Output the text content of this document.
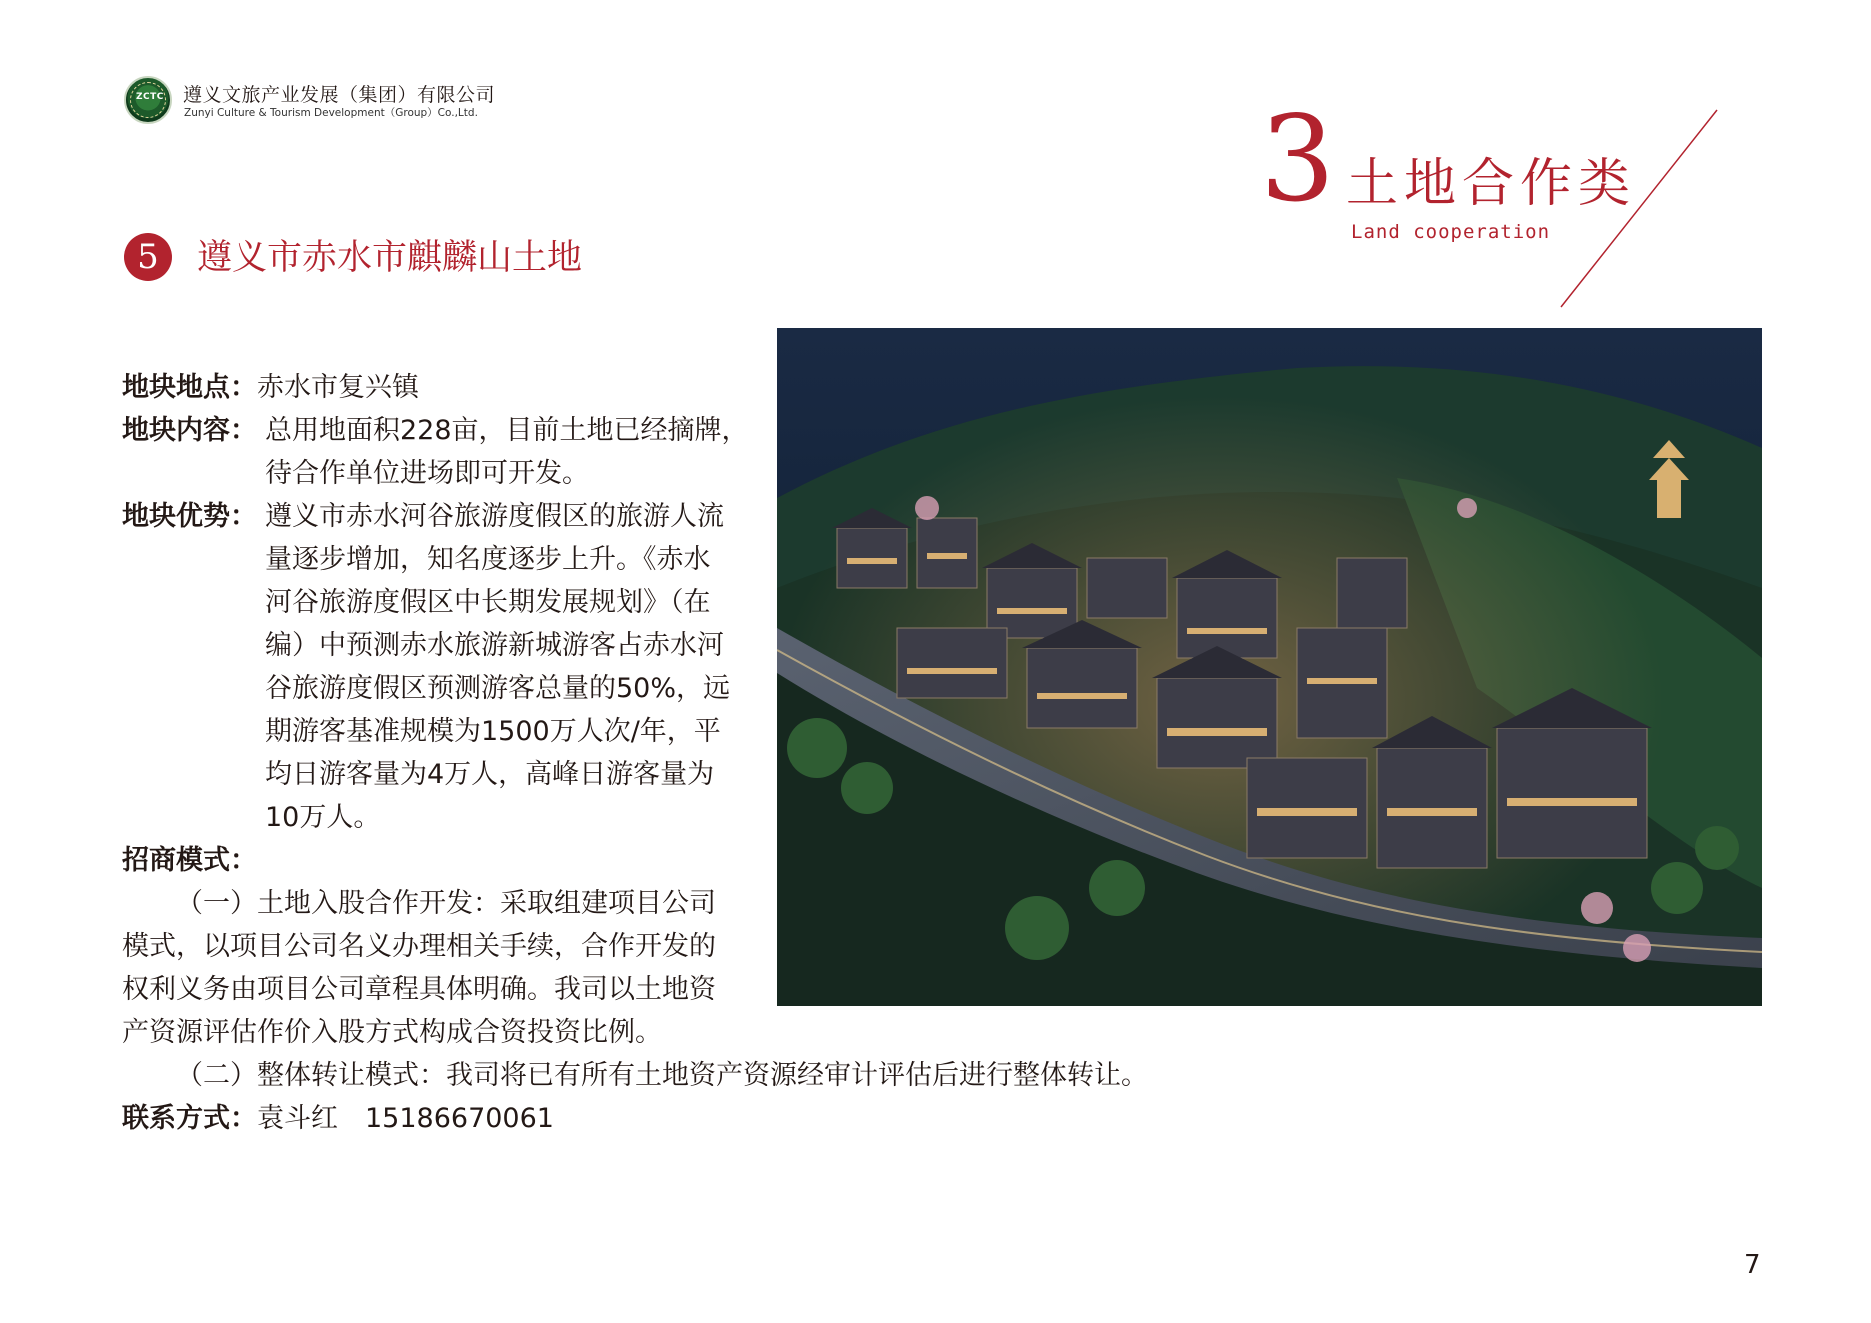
ZCTC 遵义文旅产业发展（集团）有限公司
Zunyi Culture & Tourism Development（Group）Co.,Ltd.	3 土地合作类
Land cooperation
5	遵义市赤水市麒麟山土地
地块地点：赤水市复兴镇
地块内容： 总用地面积228亩，目前土地已经摘牌，
待合作单位进场即可开发。
地块优势： 遵义市赤水河谷旅游度假区的旅游人流
量逐步增加，知名度逐步上升。《赤水
河谷旅游度假区中长期发展规划》（在
编）中预测赤水旅游新城游客占赤水河
谷旅游度假区预测游客总量的50%，远
期游客基准规模为1500万人次/年，平
均日游客量为4万人，高峰日游客量为
10万人。
招商模式：
（一）土地入股合作开发：采取组建项目公司
模式，以项目公司名义办理相关手续，合作开发的
权利义务由项目公司章程具体明确。我司以土地资
产资源评估作价入股方式构成合资投资比例。
（二）整体转让模式：我司将已有所有土地资产资源经审计评估后进行整体转让。
联系方式：袁斗红　15186670061
7
